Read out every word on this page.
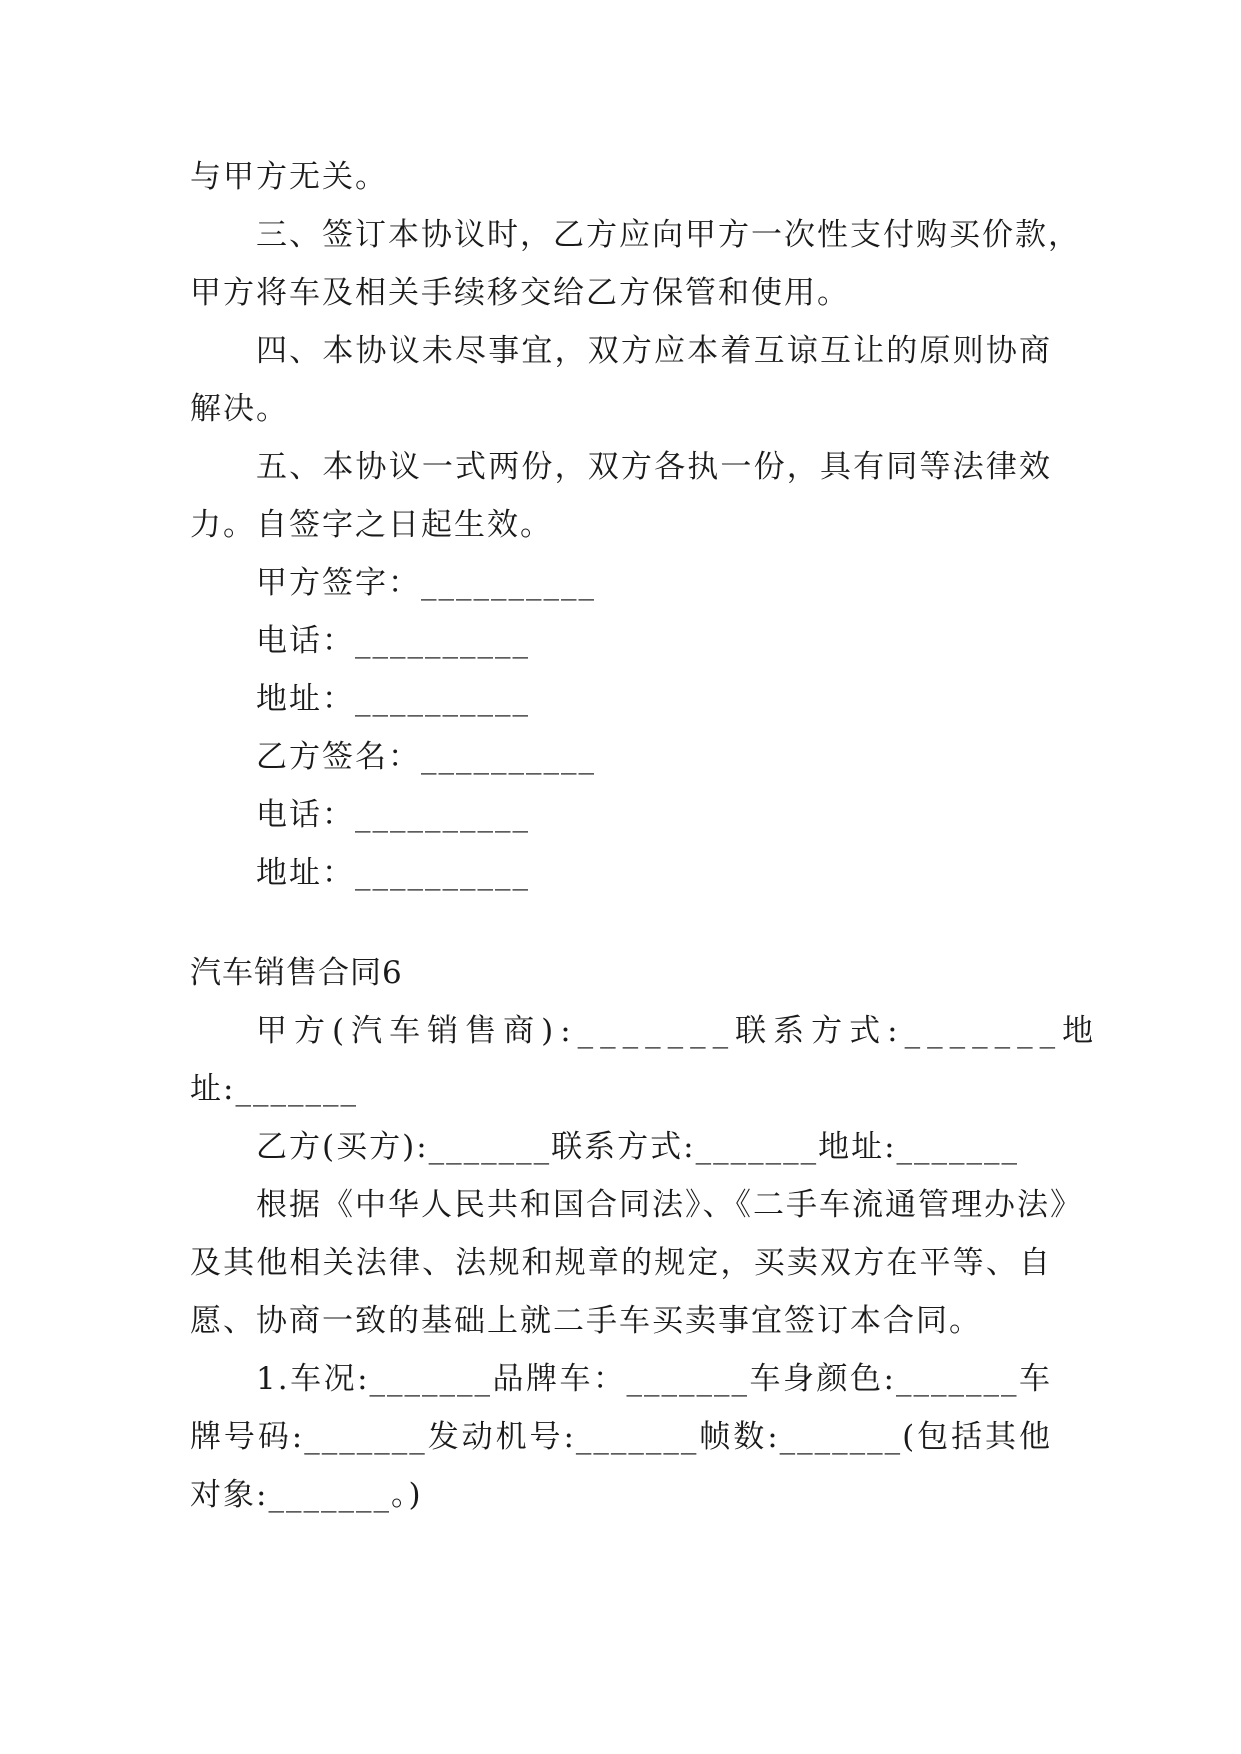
与甲方无关。
三、签订本协议时，乙方应向甲方一次性支付购买价款，
甲方将车及相关手续移交给乙方保管和使用。
四、本协议未尽事宜，双方应本着互谅互让的原则协商
解决。
五、本协议一式两份，双方各执一份，具有同等法律效
力。自签字之日起生效。
甲方签字：__________
电话：__________
地址：__________
乙方签名：__________
电话：__________
地址：__________
汽车销售合同6
甲方(汽车销售商):_______联系方式:_______地
址:_______
乙方(买方):_______联系方式:_______地址:_______
根据《中华人民共和国合同法》、《二手车流通管理办法》
及其他相关法律、法规和规章的规定，买卖双方在平等、自
愿、协商一致的基础上就二手车买卖事宜签订本合同。
1.车况:_______品牌车：_______车身颜色:_______车
牌号码:_______发动机号:_______帧数:_______(包括其他
对象:_______。)
